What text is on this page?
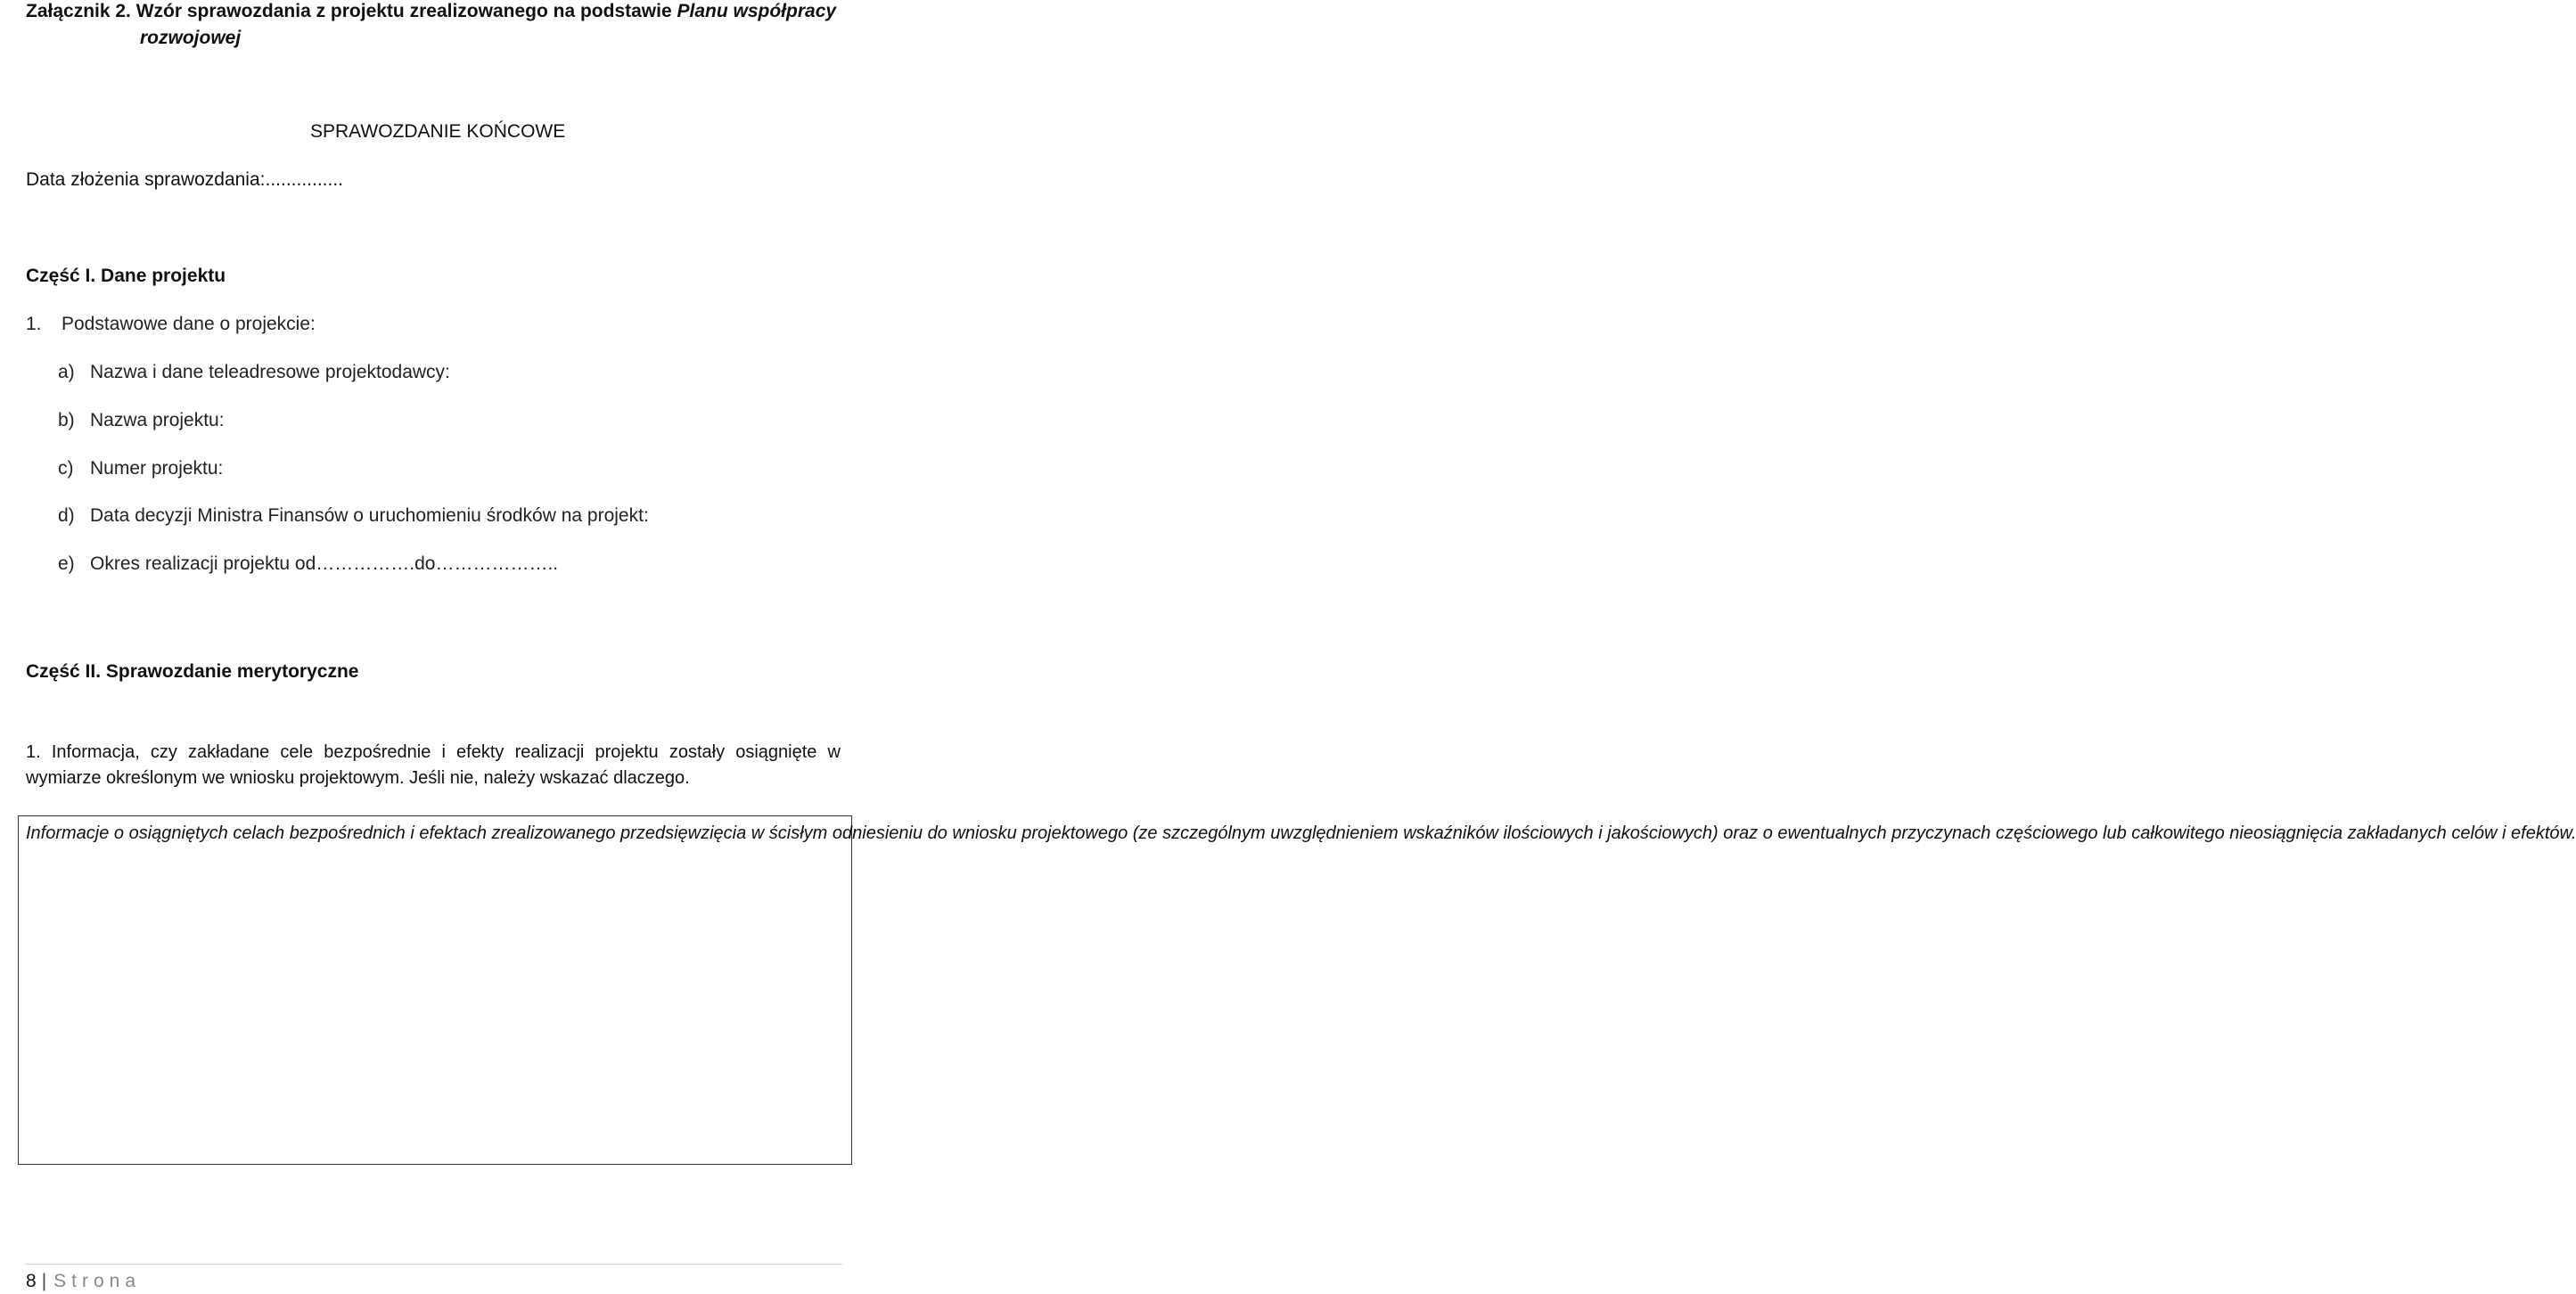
Załącznik 2. Wzór sprawozdania z projektu zrealizowanego na podstawie Planu współpracy
rozwojowej
SPRAWOZDANIE KOŃCOWE
Data złożenia sprawozdania:...............
Część I. Dane projektu
1. Podstawowe dane o projekcie:
a) Nazwa i dane teleadresowe projektodawcy:
b) Nazwa projektu:
c) Numer projektu:
d) Data decyzji Ministra Finansów o uruchomieniu środków na projekt:
e) Okres realizacji projektu od…………….do………………..
Część II. Sprawozdanie merytoryczne
1. Informacja, czy zakładane cele bezpośrednie i efekty realizacji projektu zostały osiągnięte w wymiarze określonym we wniosku projektowym. Jeśli nie, należy wskazać dlaczego.
Informacje o osiągniętych celach bezpośrednich i efektach zrealizowanego przedsięwzięcia w ścisłym odniesieniu do wniosku projektowego (ze szczególnym uwzględnieniem wskaźników ilościowych i jakościowych) oraz o ewentualnych przyczynach częściowego lub całkowitego nieosiągnięcia zakładanych celów i efektów.
8 | Strona
